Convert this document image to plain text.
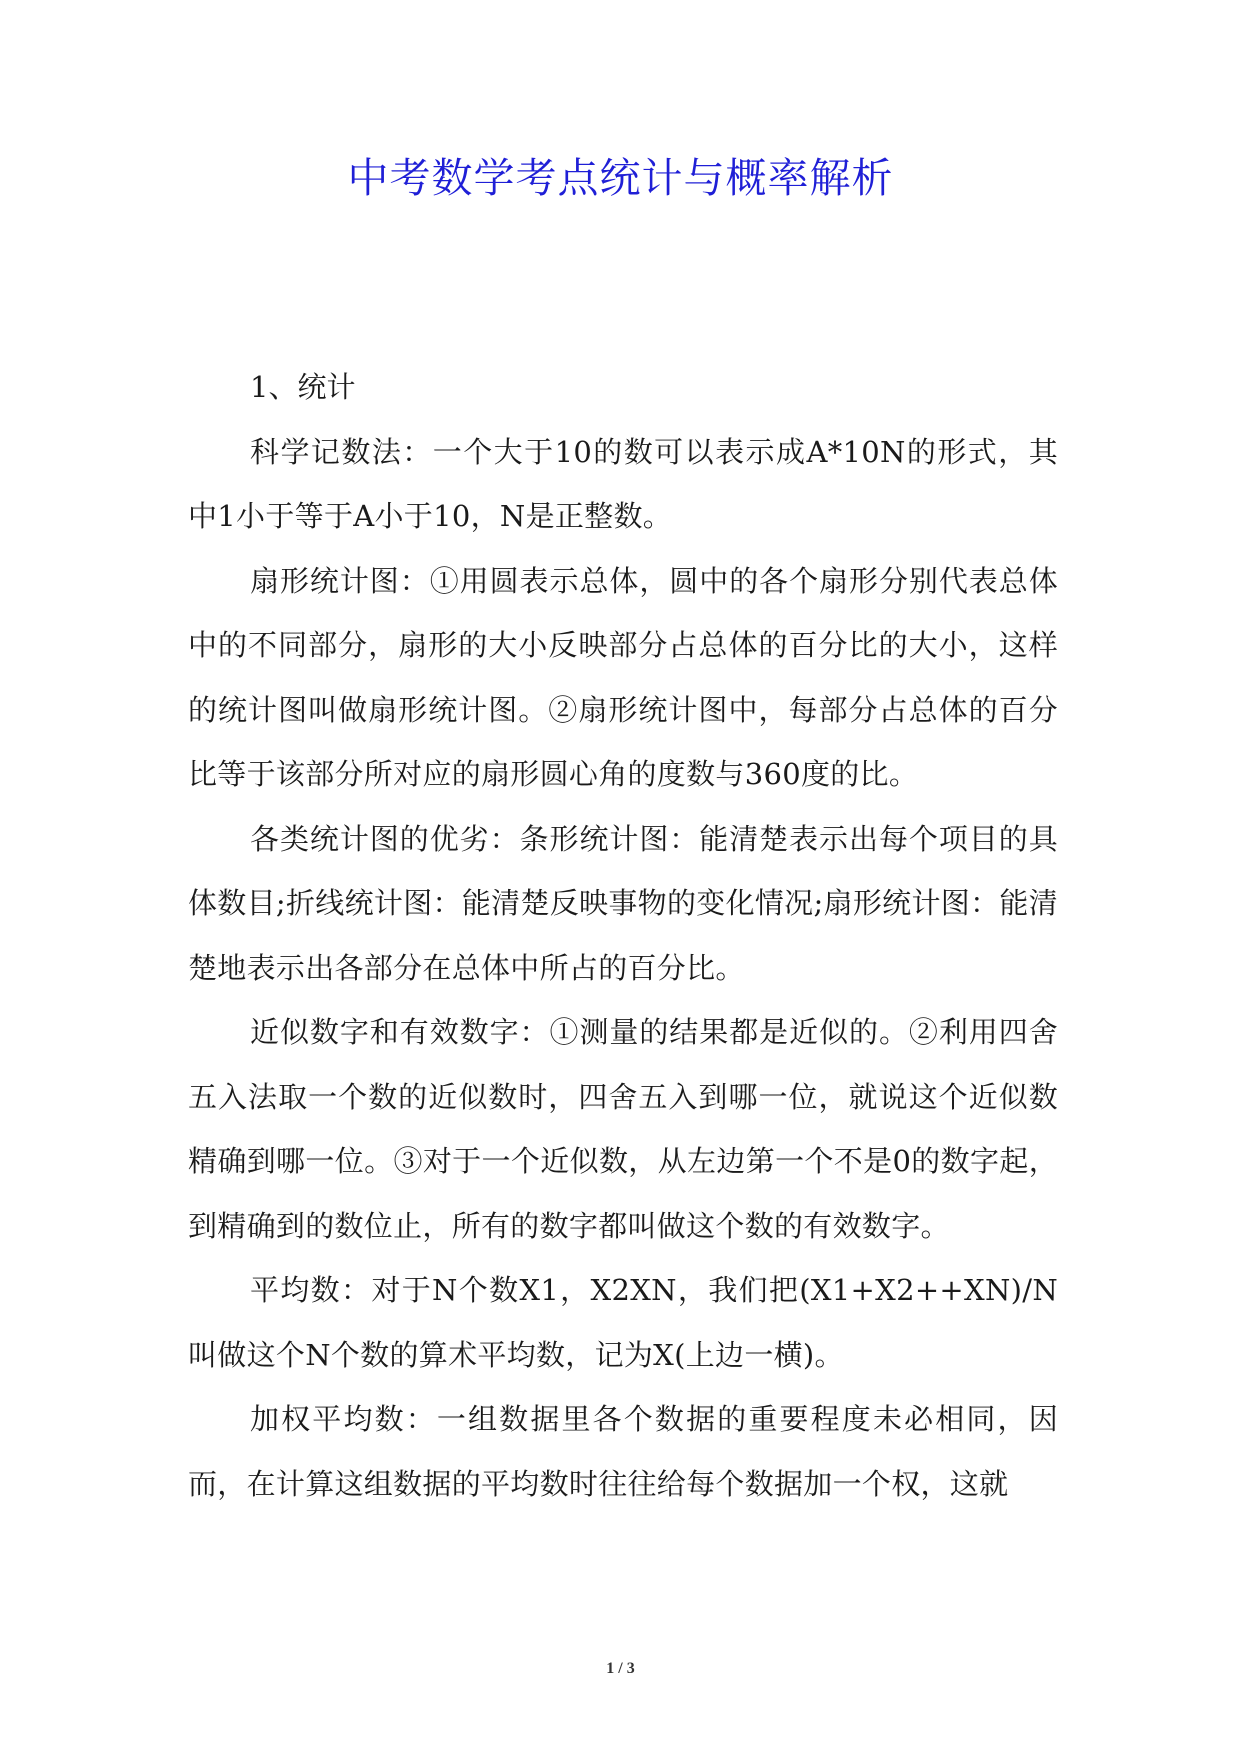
中考数学考点统计与概率解析

1、统计

科学记数法：一个大于10的数可以表示成A*10N的形式，其中1小于等于A小于10，N是正整数。

扇形统计图：①用圆表示总体，圆中的各个扇形分别代表总体中的不同部分，扇形的大小反映部分占总体的百分比的大小，这样的统计图叫做扇形统计图。②扇形统计图中，每部分占总体的百分比等于该部分所对应的扇形圆心角的度数与360度的比。

各类统计图的优劣：条形统计图：能清楚表示出每个项目的具体数目;折线统计图：能清楚反映事物的变化情况;扇形统计图：能清楚地表示出各部分在总体中所占的百分比。

近似数字和有效数字：①测量的结果都是近似的。②利用四舍五入法取一个数的近似数时，四舍五入到哪一位，就说这个近似数精确到哪一位。③对于一个近似数，从左边第一个不是0的数字起，到精确到的数位止，所有的数字都叫做这个数的有效数字。

平均数：对于N个数X1，X2XN，我们把(X1+X2++XN)/N叫做这个N个数的算术平均数，记为X(上边一横)。

加权平均数：一组数据里各个数据的重要程度未必相同，因而，在计算这组数据的平均数时往往给每个数据加一个权，这就

1 / 3
